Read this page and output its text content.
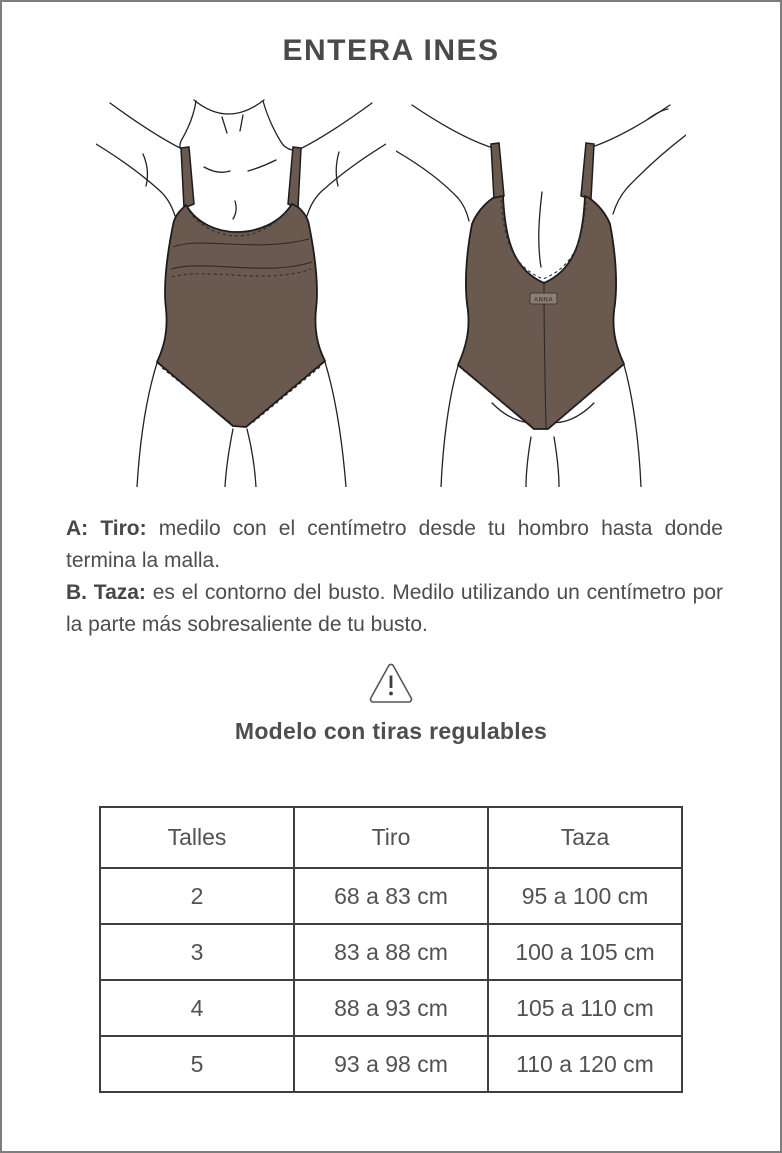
ENTERA INES
ANNA

A: Tiro: medilo con el centímetro desde tu hombro hasta donde termina la malla.

B. Taza: es el contorno del busto. Medilo utilizando un centímetro por la parte más sobresaliente de tu busto.

Modelo con tiras regulables

Talles	Tiro	Taza
2	68 a 83 cm	95 a 100 cm
3	83 a 88 cm	100 a 105 cm
4	88 a 93 cm	105 a 110 cm
5	93 a 98 cm	110 a 120 cm
